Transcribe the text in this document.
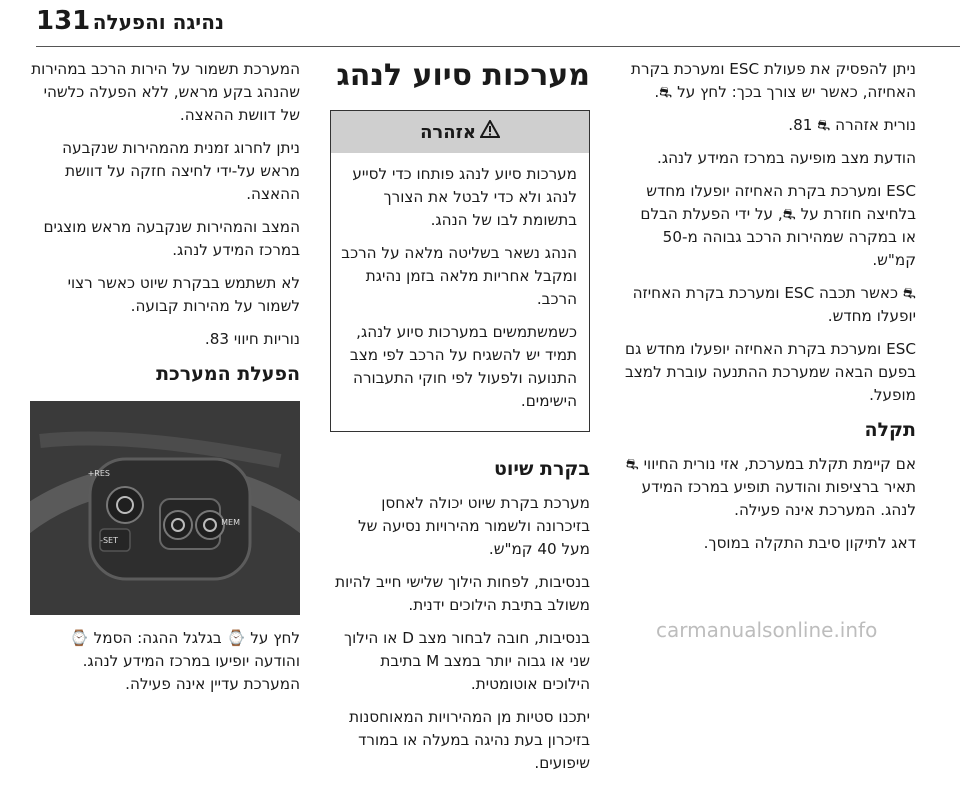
131 נהיגה והפעלה

ניתן להפסיק את פעולת ESC ומערכת בקרת האחיזה, כאשר יש צורך בכך: לחץ על ⛐.

נורית אזהרה ⛐ 81.

הודעת מצב מופיעה במרכז המידע לנהג.

ESC ומערכת בקרת האחיזה יופעלו מחדש בלחיצה חוזרת על ⛐, על ידי הפעלת הבלם או במקרה שמהירות הרכב גבוהה מ-50 קמ"ש.

⛐ כאשר תכבה ESC ומערכת בקרת האחיזה יופעלו מחדש.

ESC ומערכת בקרת האחיזה יופעלו מחדש גם בפעם הבאה שמערכת ההתנעה עוברת למצב מופעל.

תקלה

אם קיימת תקלת במערכת, אזי נורית החיווי ⛐ תאיר ברציפות והודעה תופיע במרכז המידע לנהג. המערכת אינה פעילה.

דאג לתיקון סיבת התקלה במוסך.

מערכות סיוע לנהג
אזהרה

מערכות סיוע לנהג פותחו כדי לסייע לנהג ולא כדי לבטל את הצורך בתשומת לבו של הנהג.

הנהג נשאר בשליטה מלאה על הרכב ומקבל אחריות מלאה בזמן נהיגת הרכב.

כשמשתמשים במערכות סיוע לנהג, תמיד יש להשגיח על הרכב לפי מצב התנועה ולפעול לפי חוקי התעבורה הישימים.

בקרת שיוט

מערכת בקרת שיוט יכולה לאחסן בזיכרונה ולשמור מהירויות נסיעה של מעל 40 קמ"ש.

בנסיבות, לפחות הילוך שלישי חייב להיות משולב בתיבת הילוכים ידנית.

בנסיבות, חובה לבחור מצב D או הילוך שני או גבוה יותר במצב M בתיבת הילוכים אוטומטית.

יתכנו סטיות מן המהירויות המאוחסנות בזיכרון בעת נהיגה במעלה או במורד שיפועים.

המערכת תשמור על הירות הרכב במהירות שהנהג בקע מראש, ללא הפעלה כלשהי של דוושת ההאצה.

ניתן לחרוג זמנית מהמהירות שנקבעה מראש על-ידי לחיצה חזקה על דוושת ההאצה.

המצב והמהירות שנקבעה מראש מוצגים במרכז המידע לנהג.

לא תשתמש בבקרת שיוט כאשר רצוי לשמור על מהירות קבועה.

נוריות חיווי 83.

הפעלת המערכת
RES+
SET-
MEM

לחץ על ⌚ בגלגל ההגה: הסמל ⌚ והודעה יופיעו במרכז המידע לנהג. המערכת עדיין אינה פעילה.

carmanualsonline.info
